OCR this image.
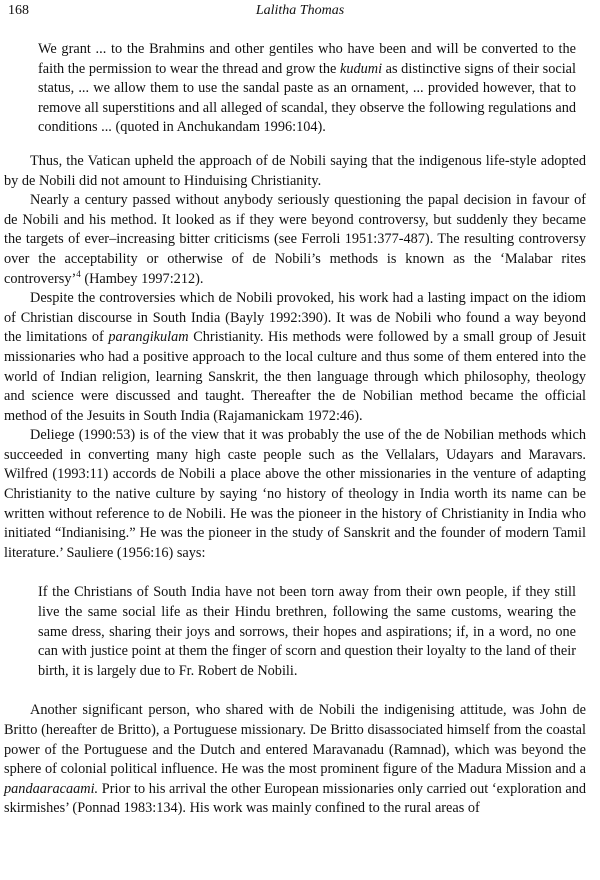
168	Lalitha Thomas
We grant ... to the Brahmins and other gentiles who have been and will be converted to the faith the permission to wear the thread and grow the kudumi as distinctive signs of their social status, ... we allow them to use the sandal paste as an ornament, ... provided however, that to remove all superstitions and all alleged of scandal, they observe the following regulations and conditions ... (quoted in Anchukandam 1996:104).

Thus, the Vatican upheld the approach of de Nobili saying that the indigenous life-style adopted by de Nobili did not amount to Hinduising Christianity.

Nearly a century passed without anybody seriously questioning the papal decision in favour of de Nobili and his method. It looked as if they were beyond controversy, but suddenly they became the targets of ever–increasing bitter criticisms (see Ferroli 1951:377-487). The resulting controversy over the acceptability or otherwise of de Nobili’s methods is known as the ‘Malabar rites controversy’$^4$ (Hambey 1997:212).

Despite the controversies which de Nobili provoked, his work had a lasting impact on the idiom of Christian discourse in South India (Bayly 1992:390). It was de Nobili who found a way beyond the limitations of parangikulam Christianity. His methods were followed by a small group of Jesuit missionaries who had a positive approach to the local culture and thus some of them entered into the world of Indian religion, learning Sanskrit, the then language through which philosophy, theology and science were discussed and taught. Thereafter the de Nobilian method became the official method of the Jesuits in South India (Rajamanickam 1972:46).

Deliege (1990:53) is of the view that it was probably the use of the de Nobilian methods which succeeded in converting many high caste people such as the Vellalars, Udayars and Maravars. Wilfred (1993:11) accords de Nobili a place above the other missionaries in the venture of adapting Christianity to the native culture by saying ‘no history of theology in India worth its name can be written without reference to de Nobili. He was the pioneer in the history of Christianity in India who initiated “Indianising.” He was the pioneer in the study of Sanskrit and the founder of modern Tamil literature.’ Sauliere (1956:16) says:

If the Christians of South India have not been torn away from their own people, if they still live the same social life as their Hindu brethren, following the same customs, wearing the same dress, sharing their joys and sorrows, their hopes and aspirations; if, in a word, no one can with justice point at them the finger of scorn and question their loyalty to the land of their birth, it is largely due to Fr. Robert de Nobili.

Another significant person, who shared with de Nobili the indigenising attitude, was John de Britto (hereafter de Britto), a Portuguese missionary. De Britto disassociated himself from the coastal power of the Portuguese and the Dutch and entered Maravanadu (Ramnad), which was beyond the sphere of colonial political influence. He was the most prominent figure of the Madura Mission and a pandaaracaami. Prior to his arrival the other European missionaries only carried out ‘exploration and skirmishes’ (Ponnad 1983:134). His work was mainly confined to the rural areas of
